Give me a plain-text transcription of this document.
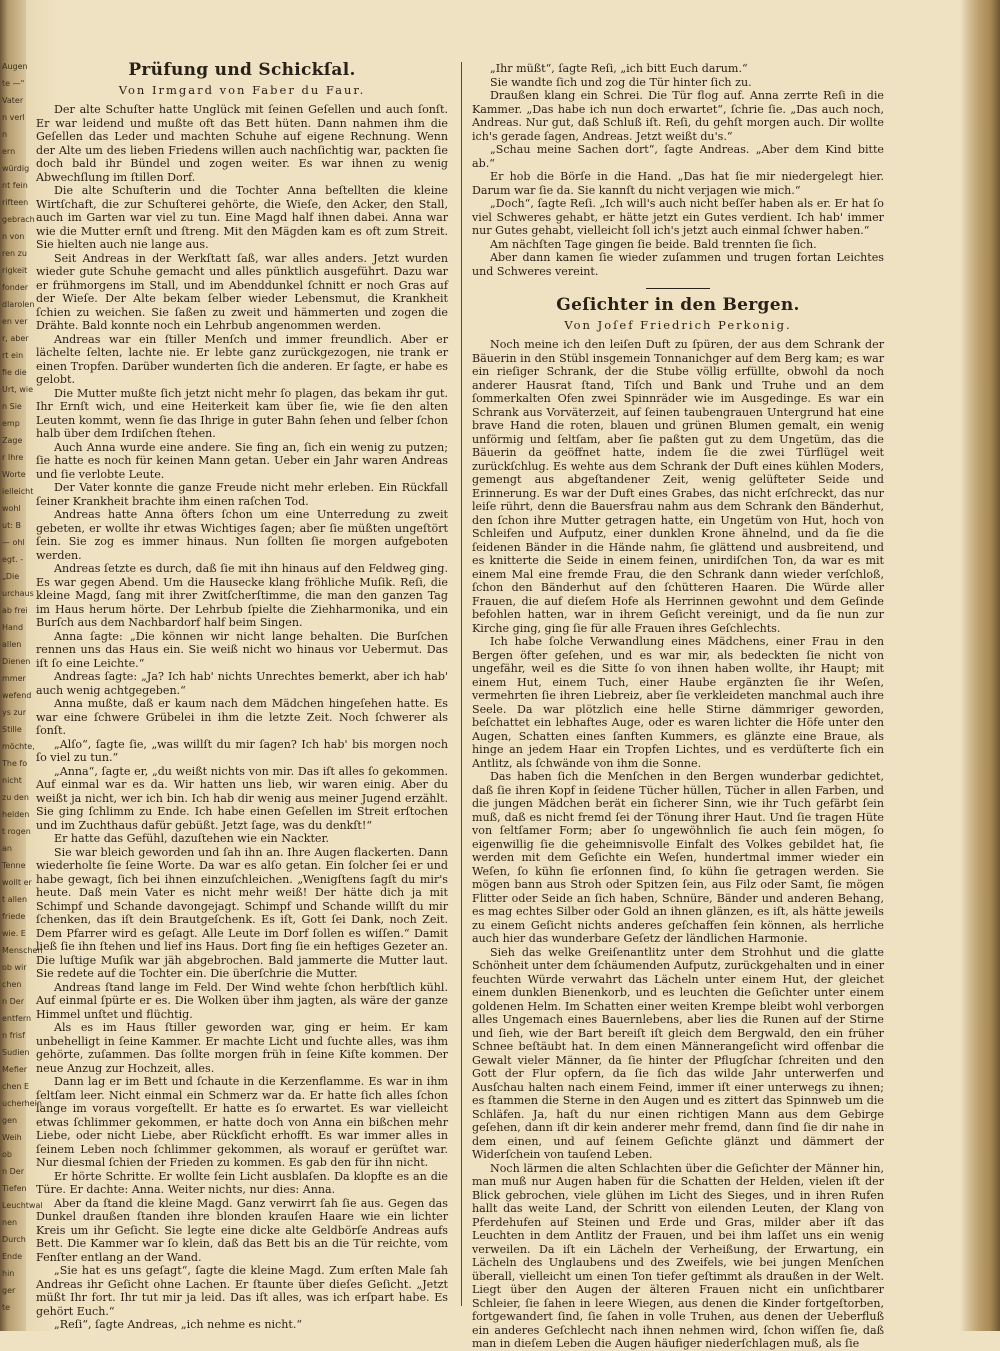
Augen
te —"
Vater
n verl
n
ern
würdig
nt fein
rifteen
gebrach
n von
ren zu
rigkeit
fonder
dlarolen
en ver
r, aber
rt ein
fie die
Urt, wie
n Sie
emp
Zage
r Ihre
Worte
ielleicht
wohl
ut: B
— ohl
egt. -
„Die
urchaus
ab frei
Hand
allen
Dienen
mmer
wefend
ys zur
Stille
möchte,
The fo
nicht
zu den
helden
t rogen
an
Tenne
wollt er
t allen
friede
wie. E
Menschen
ob wir
chen
n Der
entfern
n frisf
Sudien
Mefier
chen E
ucherhein
gen
Weih
ob
n Der
Tiefen
Leuchtwal
nen
Durch
Ende
hin
ger
te
Prüfung und Schickſal.
Von Irmgard von Faber du Faur.

Der alte Schuſter hatte Unglück mit ſeinen Geſellen und auch ſonſt. Er war leidend und mußte oft das Bett hüten. Dann nahmen ihm die Geſellen das Leder und machten Schuhe auf eigene Rechnung. Wenn der Alte um des lieben Friedens willen auch nachſichtig war, packten ſie doch bald ihr Bündel und zogen weiter. Es war ihnen zu wenig Abwechſlung im ſtillen Dorf.

Die alte Schuſterin und die Tochter Anna beſtellten die kleine Wirtſchaft, die zur Schuſterei gehörte, die Wieſe, den Acker, den Stall, auch im Garten war viel zu tun. Eine Magd half ihnen dabei. Anna war wie die Mutter ernſt und ſtreng. Mit den Mägden kam es oft zum Streit. Sie hielten auch nie lange aus.

Seit Andreas in der Werkſtatt ſaß, war alles anders. Jetzt wurden wieder gute Schuhe gemacht und alles pünktlich ausgeführt. Dazu war er frühmorgens im Stall, und im Abenddunkel ſchnitt er noch Gras auf der Wieſe. Der Alte bekam ſelber wieder Lebensmut, die Krankheit ſchien zu weichen. Sie ſaßen zu zweit und hämmerten und zogen die Drähte. Bald konnte noch ein Lehrbub angenommen werden.

Andreas war ein ſtiller Menſch und immer freundlich. Aber er lächelte ſelten, lachte nie. Er lebte ganz zurückgezogen, nie trank er einen Tropfen. Darüber wunderten ſich die anderen. Er ſagte, er habe es gelobt.

Die Mutter mußte ſich jetzt nicht mehr ſo plagen, das bekam ihr gut. Ihr Ernſt wich, und eine Heiterkeit kam über ſie, wie ſie den alten Leuten kommt, wenn ſie das Ihrige in guter Bahn ſehen und ſelber ſchon halb über dem Irdiſchen ſtehen.

Auch Anna wurde eine andere. Sie fing an, ſich ein wenig zu putzen; ſie hatte es noch für keinen Mann getan. Ueber ein Jahr waren Andreas und ſie verlobte Leute.

Der Vater konnte die ganze Freude nicht mehr erleben. Ein Rückfall ſeiner Krankheit brachte ihm einen raſchen Tod.

Andreas hatte Anna öfters ſchon um eine Unterredung zu zweit gebeten, er wollte ihr etwas Wichtiges ſagen; aber ſie müßten ungeſtört ſein. Sie zog es immer hinaus. Nun ſollten ſie morgen aufgeboten werden.

Andreas ſetzte es durch, daß ſie mit ihn hinaus auf den Feldweg ging. Es war gegen Abend. Um die Hausecke klang fröhliche Muſik. Reſi, die kleine Magd, ſang mit ihrer Zwitſcherſtimme, die man den ganzen Tag im Haus herum hörte. Der Lehrbub ſpielte die Ziehharmonika, und ein Burſch aus dem Nachbardorf half beim Singen.

Anna ſagte: „Die können wir nicht lange behalten. Die Burſchen rennen uns das Haus ein. Sie weiß nicht wo hinaus vor Uebermut. Das iſt ſo eine Leichte.“

Andreas ſagte: „Ja? Ich hab' nichts Unrechtes bemerkt, aber ich hab' auch wenig achtgegeben.“

Anna mußte, daß er kaum nach dem Mädchen hingeſehen hatte. Es war eine ſchwere Grübelei in ihm die letzte Zeit. Noch ſchwerer als ſonſt.

„Alſo“, ſagte ſie, „was willſt du mir ſagen? Ich hab' bis morgen noch ſo viel zu tun.“

„Anna“, ſagte er, „du weißt nichts von mir. Das iſt alles ſo gekommen. Auf einmal war es da. Wir hatten uns lieb, wir waren einig. Aber du weißt ja nicht, wer ich bin. Ich hab dir wenig aus meiner Jugend erzählt. Sie ging ſchlimm zu Ende. Ich habe einen Geſellen im Streit erſtochen und im Zuchthaus dafür gebüßt. Jetzt ſage, was du denkſt!“

Er hatte das Gefühl, dazuſtehen wie ein Nackter.

Sie war bleich geworden und ſah ihn an. Ihre Augen flackerten. Dann wiederholte ſie ſeine Worte. Da war es alſo getan. Ein ſolcher ſei er und habe gewagt, ſich bei ihnen einzuſchleichen. „Wenigſtens ſagſt du mir's heute. Daß mein Vater es nicht mehr weiß! Der hätte dich ja mit Schimpf und Schande davongejagt. Schimpf und Schande willſt du mir ſchenken, das iſt dein Brautgeſchenk. Es iſt, Gott ſei Dank, noch Zeit. Dem Pfarrer wird es geſagt. Alle Leute im Dorf ſollen es wiſſen.“ Damit ließ ſie ihn ſtehen und lief ins Haus. Dort fing ſie ein heftiges Gezeter an. Die luſtige Muſik war jäh abgebrochen. Bald jammerte die Mutter laut. Sie redete auf die Tochter ein. Die überſchrie die Mutter.

Andreas ſtand lange im Feld. Der Wind wehte ſchon herbſtlich kühl. Auf einmal ſpürte er es. Die Wolken über ihm jagten, als wäre der ganze Himmel unſtet und flüchtig.

Als es im Haus ſtiller geworden war, ging er heim. Er kam unbehelligt in ſeine Kammer. Er machte Licht und ſuchte alles, was ihm gehörte, zuſammen. Das ſollte morgen früh in ſeine Kiſte kommen. Der neue Anzug zur Hochzeit, alles.

Dann lag er im Bett und ſchaute in die Kerzenflamme. Es war in ihm ſeltſam leer. Nicht einmal ein Schmerz war da. Er hatte ſich alles ſchon lange im voraus vorgeſtellt. Er hatte es ſo erwartet. Es war vielleicht etwas ſchlimmer gekommen, er hatte doch von Anna ein bißchen mehr Liebe, oder nicht Liebe, aber Rückſicht erhofft. Es war immer alles in ſeinem Leben noch ſchlimmer gekommen, als worauf er gerüſtet war. Nur diesmal ſchien der Frieden zu kommen. Es gab den für ihn nicht.

Er hörte Schritte. Er wollte ſein Licht ausblaſen. Da klopfte es an die Türe. Er dachte: Anna. Weiter nichts, nur dies: Anna.

Aber da ſtand die kleine Magd. Ganz verwirrt ſah ſie aus. Gegen das Dunkel draußen ſtanden ihre blonden krauſen Haare wie ein lichter Kreis um ihr Geſicht. Sie legte eine dicke alte Geldbörſe Andreas aufs Bett. Die Kammer war ſo klein, daß das Bett bis an die Tür reichte, vom Fenſter entlang an der Wand.

„Sie hat es uns geſagt“, ſagte die kleine Magd. Zum erſten Male ſah Andreas ihr Geſicht ohne Lachen. Er ſtaunte über dieſes Geſicht. „Jetzt müßt Ihr fort. Ihr tut mir ja leid. Das iſt alles, was ich erſpart habe. Es gehört Euch.“

„Reſi“, ſagte Andreas, „ich nehme es nicht.“

„Ihr müßt“, ſagte Reſi, „ich bitt Euch darum.“

Sie wandte ſich und zog die Tür hinter ſich zu.

Draußen klang ein Schrei. Die Tür flog auf. Anna zerrte Reſi in die Kammer. „Das habe ich nun doch erwartet“, ſchrie ſie. „Das auch noch, Andreas. Nur gut, daß Schluß iſt. Reſi, du gehſt morgen auch. Dir wollte ich's gerade ſagen, Andreas. Jetzt weißt du's.“

„Schau meine Sachen dort“, ſagte Andreas. „Aber dem Kind bitte ab.“

Er hob die Börſe in die Hand. „Das hat ſie mir niedergelegt hier. Darum war ſie da. Sie kannſt du nicht verjagen wie mich.“

„Doch“, ſagte Reſi. „Ich will's auch nicht beſſer haben als er. Er hat ſo viel Schweres gehabt, er hätte jetzt ein Gutes verdient. Ich hab' immer nur Gutes gehabt, vielleicht ſoll ich's jetzt auch einmal ſchwer haben.“

Am nächſten Tage gingen ſie beide. Bald trennten ſie ſich.

Aber dann kamen ſie wieder zuſammen und trugen fortan Leichtes und Schweres vereint.

Geſichter in den Bergen.
Von Joſef Friedrich Perkonig.

Noch meine ich den leiſen Duft zu ſpüren, der aus dem Schrank der Bäuerin in den Stübl insgemein Tonnanichger auf dem Berg kam; es war ein rieſiger Schrank, der die Stube völlig erfüllte, obwohl da noch anderer Hausrat ſtand, Tiſch und Bank und Truhe und an dem ſommerkalten Ofen zwei Spinnräder wie im Ausgedinge. Es war ein Schrank aus Vorväterzeit, auf ſeinen taubengrauen Untergrund hat eine brave Hand die roten, blauen und grünen Blumen gemalt, ein wenig unförmig und ſeltſam, aber ſie paßten gut zu dem Ungetüm, das die Bäuerin da geöffnet hatte, indem ſie die zwei Türflügel weit zurückſchlug. Es wehte aus dem Schrank der Duft eines kühlen Moders, gemengt aus abgeſtandener Zeit, wenig gelüfteter Seide und Erinnerung. Es war der Duft eines Grabes, das nicht erſchreckt, das nur leiſe rührt, denn die Bauersfrau nahm aus dem Schrank den Bänderhut, den ſchon ihre Mutter getragen hatte, ein Ungetüm von Hut, hoch von Schleifen und Aufputz, einer dunklen Krone ähnelnd, und da ſie die ſeidenen Bänder in die Hände nahm, ſie glättend und ausbreitend, und es knitterte die Seide in einem feinen, unirdiſchen Ton, da war es mit einem Mal eine fremde Frau, die den Schrank dann wieder verſchloß, ſchon den Bänderhut auf den ſchütteren Haaren. Die Würde aller Frauen, die auf dieſem Hofe als Herrinnen gewohnt und dem Geſinde befohlen hatten, war in ihrem Geſicht vereinigt, und da ſie nun zur Kirche ging, ging ſie für alle Frauen ihres Geſchlechts.

Ich habe ſolche Verwandlung eines Mädchens, einer Frau in den Bergen öfter geſehen, und es war mir, als bedeckten ſie nicht von ungefähr, weil es die Sitte ſo von ihnen haben wollte, ihr Haupt; mit einem Hut, einem Tuch, einer Haube ergänzten ſie ihr Weſen, vermehrten ſie ihren Liebreiz, aber ſie verkleideten manchmal auch ihre Seele. Da war plötzlich eine helle Stirne dämmriger geworden, beſchattet ein lebhaftes Auge, oder es waren lichter die Höfe unter den Augen, Schatten eines ſanften Kummers, es glänzte eine Braue, als hinge an jedem Haar ein Tropfen Lichtes, und es verdüſterte ſich ein Antlitz, als ſchwände von ihm die Sonne.

Das haben ſich die Menſchen in den Bergen wunderbar gedichtet, daß ſie ihren Kopf in ſeidene Tücher hüllen, Tücher in allen Farben, und die jungen Mädchen berät ein ſicherer Sinn, wie ihr Tuch gefärbt ſein muß, daß es nicht fremd ſei der Tönung ihrer Haut. Und ſie tragen Hüte von ſeltſamer Form; aber ſo ungewöhnlich ſie auch ſein mögen, ſo eigenwillig ſie die geheimnisvolle Einfalt des Volkes gebildet hat, ſie werden mit dem Geſichte ein Weſen, hundertmal immer wieder ein Weſen, ſo kühn ſie erſonnen ſind, ſo kühn ſie getragen werden. Sie mögen bann aus Stroh oder Spitzen ſein, aus Filz oder Samt, ſie mögen Flitter oder Seide an ſich haben, Schnüre, Bänder und anderen Behang, es mag echtes Silber oder Gold an ihnen glänzen, es iſt, als hätte jeweils zu einem Geſicht nichts anderes geſchaffen ſein können, als herrliche auch hier das wunderbare Geſetz der ländlichen Harmonie.

Sieh das welke Greiſenantlitz unter dem Strohhut und die glatte Schönheit unter dem ſchäumenden Aufputz, zurückgehalten und in einer feuchten Würde verwahrt das Lächeln unter einem Hut, der gleichet einem dunklen Bienenkorb, und es leuchten die Geſichter unter einem goldenen Helm. Im Schatten einer weiten Krempe bleibt wohl verborgen alles Ungemach eines Bauernlebens, aber lies die Runen auf der Stirne und ſieh, wie der Bart bereiſt iſt gleich dem Bergwald, den ein früher Schnee beſtäubt hat. In dem einen Männerangeſicht wird offenbar die Gewalt vieler Männer, da ſie hinter der Pflugſchar ſchreiten und den Gott der Flur opfern, da ſie ſich das wilde Jahr unterwerfen und Ausſchau halten nach einem Feind, immer iſt einer unterwegs zu ihnen; es ſtammen die Sterne in den Augen und es zittert das Spinnweb um die Schläfen. Ja, haſt du nur einen richtigen Mann aus dem Gebirge geſehen, dann iſt dir kein anderer mehr fremd, dann ſind ſie dir nahe in dem einen, und auf ſeinem Geſichte glänzt und dämmert der Widerſchein von tauſend Leben.

Noch lärmen die alten Schlachten über die Geſichter der Männer hin, man muß nur Augen haben für die Schatten der Helden, vielen iſt der Blick gebrochen, viele glühen im Licht des Sieges, und in ihren Rufen hallt das weite Land, der Schritt von eilenden Leuten, der Klang von Pferdehufen auf Steinen und Erde und Gras, milder aber iſt das Leuchten in dem Antlitz der Frauen, und bei ihm laſſet uns ein wenig verweilen. Da iſt ein Lächeln der Verheißung, der Erwartung, ein Lächeln des Unglaubens und des Zweifels, wie bei jungen Menſchen überall, vielleicht um einen Ton tiefer geſtimmt als draußen in der Welt. Liegt über den Augen der älteren Frauen nicht ein unſichtbarer Schleier, ſie ſahen in leere Wiegen, aus denen die Kinder fortgeſtorben, fortgewandert ſind, ſie ſahen in volle Truhen, aus denen der Ueberfluß ein anderes Geſchlecht nach ihnen nehmen wird, ſchon wiſſen ſie, daß man in dieſem Leben die Augen häufiger niederſchlagen muß, als ſie
